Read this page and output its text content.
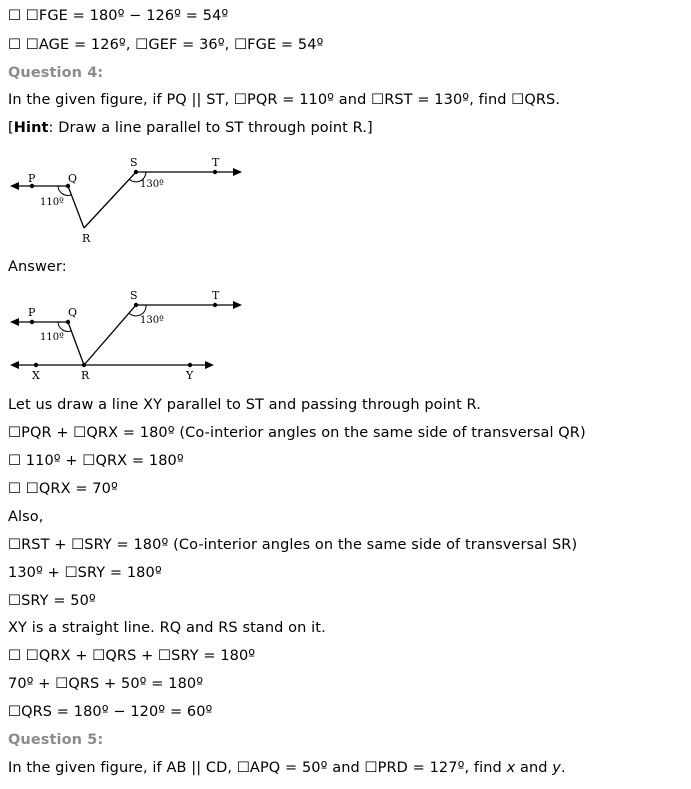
☐ ☐FGE = 180º − 126º = 54º
☐ ☐AGE = 126º, ☐GEF = 36º, ☐FGE = 54º
Question 4:
In the given figure, if PQ || ST, ☐PQR = 110º and ☐RST = 130º, find ☐QRS.
[Hint: Draw a line parallel to ST through point R.]
P	Q
R
S	T
110º
130º
Answer:
P	Q
S	T
X	R	Y
110º
130º
Let us draw a line XY parallel to ST and passing through point R.
☐PQR + ☐QRX = 180º (Co-interior angles on the same side of transversal QR)
☐ 110º + ☐QRX = 180º
☐ ☐QRX = 70º
Also,
☐RST + ☐SRY = 180º (Co-interior angles on the same side of transversal SR)
130º + ☐SRY = 180º
☐SRY = 50º
XY is a straight line. RQ and RS stand on it.
☐ ☐QRX + ☐QRS + ☐SRY = 180º
70º + ☐QRS + 50º = 180º
☐QRS = 180º − 120º = 60º
Question 5:
In the given figure, if AB || CD, ☐APQ = 50º and ☐PRD = 127º, find x and y.
